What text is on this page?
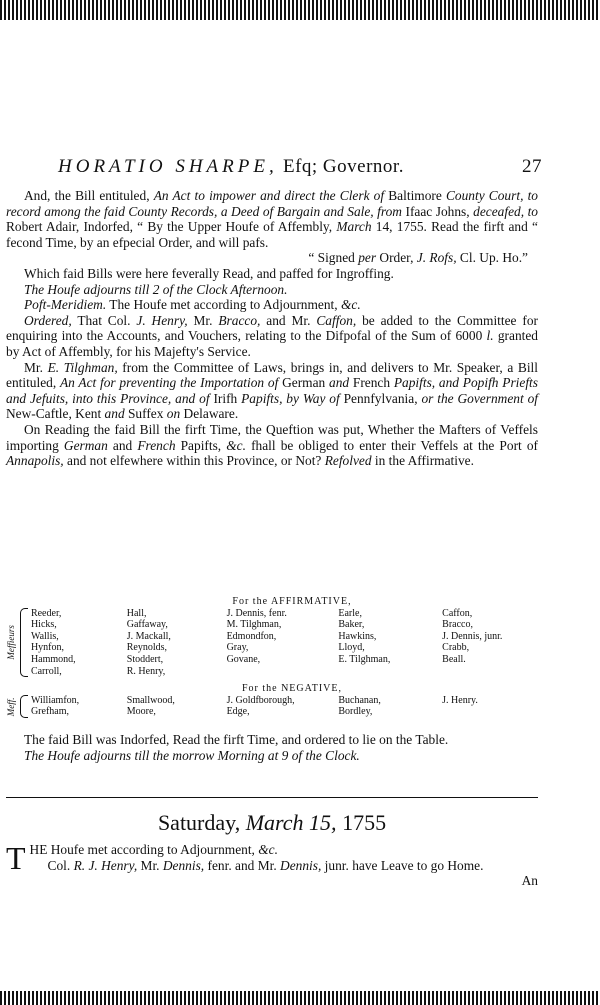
HORATIO SHARPE, Efq; Governor.	27

And, the Bill entituled, An Act to impower and direct the Clerk of Baltimore County Court, to record among the faid County Records, a Deed of Bargain and Sale, from Ifaac Johns, deceafed, to Robert Adair, Indorfed, “ By the Upper Houfe of Affembly, March 14, 1755. Read the firft and “ fecond Time, by an efpecial Order, and will pafs.

“ Signed per Order, J. Rofs, Cl. Up. Ho.”

Which faid Bills were here feverally Read, and paffed for Ingroffing.

The Houfe adjourns till 2 of the Clock Afternoon.

Poft-Meridiem. The Houfe met according to Adjournment, &c.

Ordered, That Col. J. Henry, Mr. Bracco, and Mr. Caffon, be added to the Committee for enquiring into the Accounts, and Vouchers, relating to the Difpofal of the Sum of 6000 l. granted by Act of Affembly, for his Majefty's Service.

Mr. E. Tilghman, from the Committee of Laws, brings in, and delivers to Mr. Speaker, a Bill entituled, An Act for preventing the Importation of German and French Papifts, and Popifh Priefts and Jefuits, into this Province, and of Irifh Papifts, by Way of Pennfylvania, or the Government of New-Caftle, Kent and Suffex on Delaware.

On Reading the faid Bill the firft Time, the Queftion was put, Whether the Mafters of Veffels importing German and French Papifts, &c. fhall be obliged to enter their Veffels at the Port of Annapolis, and not elfewhere within this Province, or Not? Refolved in the Affirmative.

For the AFFIRMATIVE,
Meffieurs
Reeder,
Hicks,
Wallis,
Hynfon,
Hammond,
Carroll,
Hall,
Gaffaway,
J. Mackall,
Reynolds,
Stoddert,
R. Henry,
J. Dennis, fenr.
M. Tilghman,
Edmondfon,
Gray,
Govane,
Earle,
Baker,
Hawkins,
Lloyd,
E. Tilghman,
Caffon,
Bracco,
J. Dennis, junr.
Crabb,
Beall.
For the NEGATIVE,
Meff.	Williamfon,
Grefham,
Smallwood,
Moore,
J. Goldfborough,
Edge,
Buchanan,
Bordley,
J. Henry.

The faid Bill was Indorfed, Read the firft Time, and ordered to lie on the Table.

The Houfe adjourns till the morrow Morning at 9 of the Clock.

Saturday, March 15, 1755

THE Houfe met according to Adjournment, &c.

Col. R. J. Henry, Mr. Dennis, fenr. and Mr. Dennis, junr. have Leave to go Home.

An
